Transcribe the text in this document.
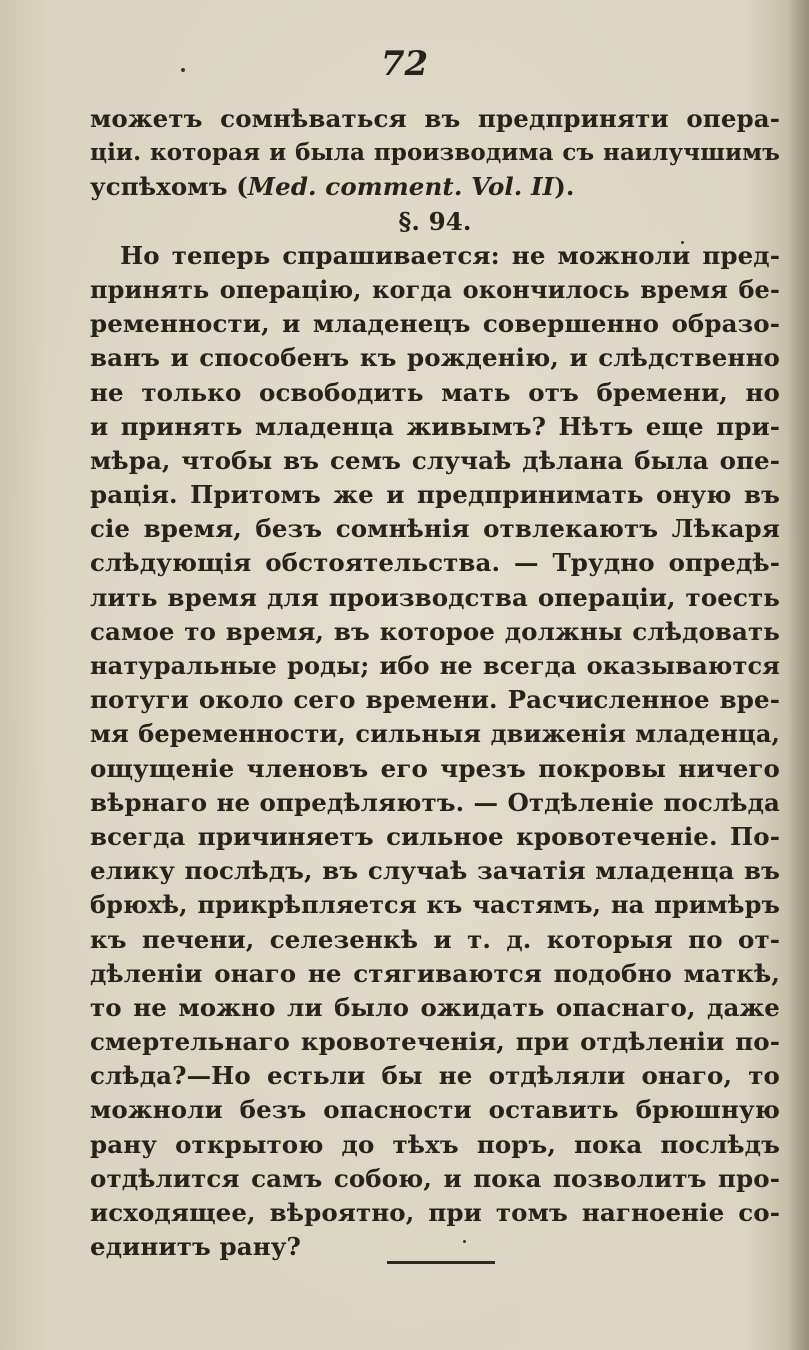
72
можетъ сомнѣваться въ предприняти опера-
ціи. которая и была производима съ наилучшимъ
успѣхомъ (Med. comment. Vol. II).
§. 94.
Но теперь спрашивается: не можноли пред-
принять операцію, когда окончилось время бе-
ременности, и младенецъ совершенно образо-
ванъ и способенъ къ рожденію, и слѣдственно
не только освободить мать отъ бремени, но
и принять младенца живымъ? Нѣтъ еще при-
мѣра, чтобы въ семъ случаѣ дѣлана была опе-
рація. Притомъ же и предпринимать оную въ
сіе время, безъ сомнѣнія отвлекаютъ Лѣкаря
слѣдующія обстоятельства. — Трудно опредѣ-
лить время для производства операціи, тоесть
самое то время, въ которое должны слѣдовать
натуральные роды; ибо не всегда оказываются
потуги около сего времени. Расчисленное вре-
мя беременности, сильныя движенія младенца,
ощущеніе членовъ его чрезъ покровы ничего
вѣрнаго не опредѣляютъ. — Отдѣленіе послѣда
всегда причиняетъ сильное кровотеченіе. По-
елику послѣдъ, въ случаѣ зачатія младенца въ
брюхѣ, прикрѣпляется къ частямъ, на примѣръ
къ печени, селезенкѣ и т. д. которыя по от-
дѣленіи онаго не стягиваются подобно маткѣ,
то не можно ли было ожидать опаснаго, даже
смертельнаго кровотеченія, при отдѣленіи по-
слѣда?—Но естьли бы не отдѣляли онаго, то
можноли безъ опасности оставить брюшную
рану открытою до тѣхъ поръ, пока послѣдъ
отдѣлится самъ собою, и пока позволитъ про-
исходящее, вѣроятно, при томъ нагноеніе со-
единитъ рану?
